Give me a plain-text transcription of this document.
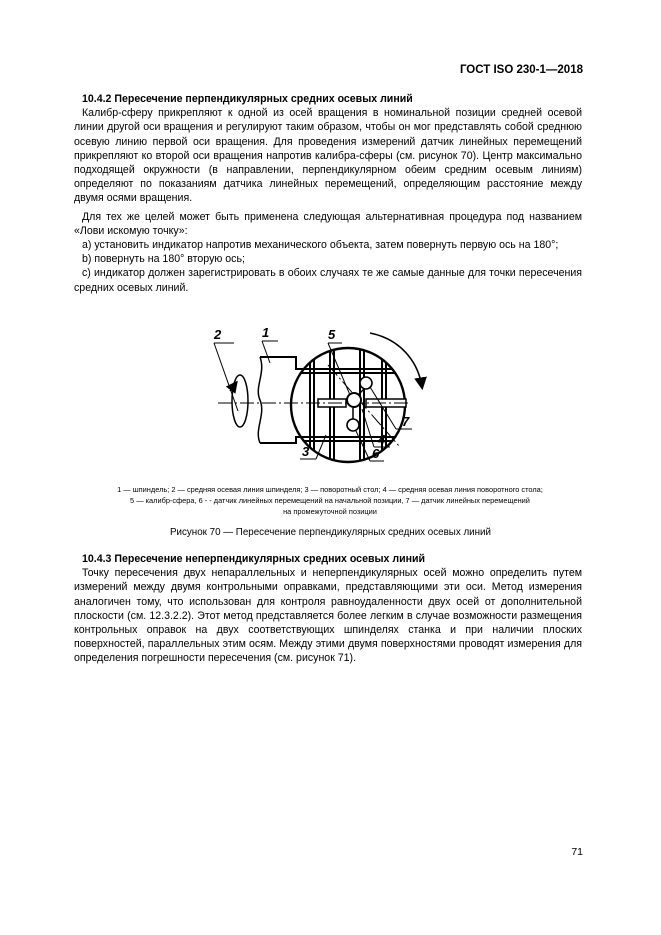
ГОСТ ISO 230-1—2018

10.4.2 Пересечение перпендикулярных средних осевых линий

Калибр-сферу прикрепляют к одной из осей вращения в номинальной позиции средней осевой линии другой оси вращения и регулируют таким образом, чтобы он мог представлять собой среднюю осевую линию первой оси вращения. Для проведения измерений датчик линейных перемещений прикрепляют ко второй оси вращения напротив калибра-сферы (см. рисунок 70). Центр максимально подходящей окружности (в направлении, перпендикулярном обеим средним осевым линиям) определяют по показаниям датчика линейных перемещений, определяющим расстояние между двумя осями вращения.

Для тех же целей может быть применена следующая альтернативная процедура под названием «Лови искомую точку»:

a) установить индикатор напротив механического объекта, затем повернуть первую ось на 180°;

b) повернуть на 180° вторую ось;

c) индикатор должен зарегистрировать в обоих случаях те же самые данные для точки пересечения средних осевых линий.

2	1	5
3
7
4
6
1 — шпиндель; 2 — средняя осевая линия шпинделя; 3 — поворотный стол; 4 — средняя осевая линия поворотного стола;
5 — калибр-сфера, 6 - - датчик линейных перемещений на начальной позиции, 7 — датчик линейных перемещений
на промежуточной позиции
Рисунок 70 — Пересечение перпендикулярных средних осевых линий

10.4.3 Пересечение неперпендикулярных средних осевых линий

Точку пересечения двух непараллельных и неперпендикулярных осей можно определить путем измерений между двумя контрольными оправками, представляющими эти оси. Метод измерения аналогичен тому, что использован для контроля равноудаленности двух осей от дополнительной плоскости (см. 12.3.2.2). Этот метод представляется более легким в случае возможности размещения контрольных оправок на двух соответствующих шпинделях станка и при наличии плоских поверхностей, параллельных этим осям. Между этими двумя поверхностями проводят измерения для определения погрешности пересечения (см. рисунок 71).

71
